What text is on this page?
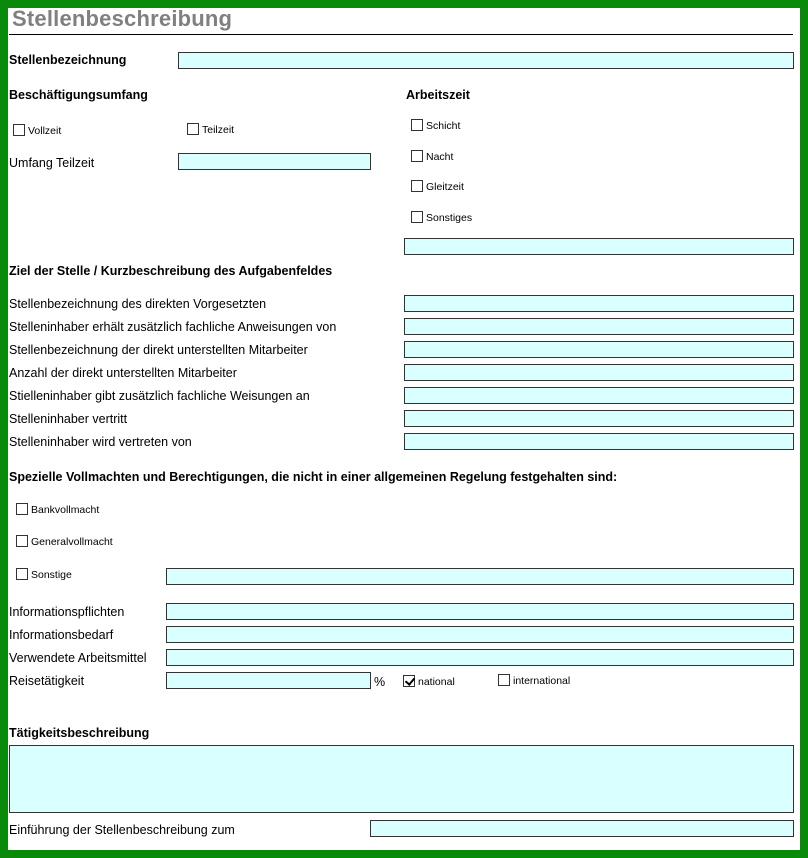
Stellenbeschreibung
Stellenbezeichnung
Beschäftigungsumfang	Arbeitszeit
Vollzeit	Teilzeit
Umfang Teilzeit
Schicht
Nacht
Gleitzeit
Sonstiges
Ziel der Stelle / Kurzbeschreibung des Aufgabenfeldes
Stellenbezeichnung des direkten Vorgesetzten
Stelleninhaber erhält zusätzlich fachliche Anweisungen von
Stellenbezeichnung der direkt unterstellten Mitarbeiter
Anzahl der direkt unterstellten Mitarbeiter
Stielleninhaber gibt zusätzlich fachliche Weisungen an
Stelleninhaber vertritt
Stelleninhaber wird vertreten von
Spezielle Vollmachten und Berechtigungen, die nicht in einer allgemeinen Regelung festgehalten sind:
Bankvollmacht
Generalvollmacht
Sonstige
Informationspflichten
Informationsbedarf
Verwendete Arbeitsmittel
Reisetätigkeit	%	national	international
Tätigkeitsbeschreibung
Einführung der Stellenbeschreibung zum
